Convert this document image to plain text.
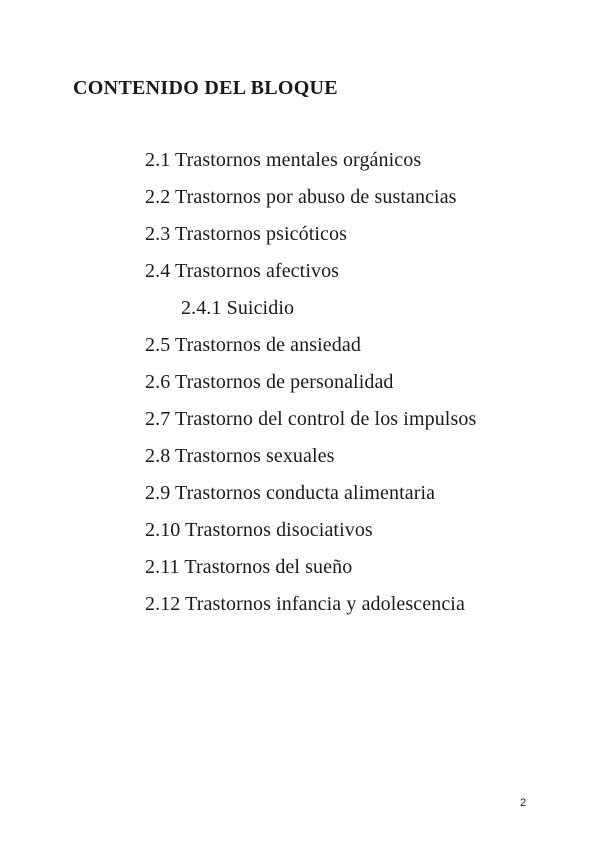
CONTENIDO DEL BLOQUE
2.1 Trastornos mentales orgánicos
2.2 Trastornos por abuso de sustancias
2.3 Trastornos psicóticos
2.4 Trastornos afectivos
2.4.1 Suicidio
2.5 Trastornos de ansiedad
2.6 Trastornos de personalidad
2.7 Trastorno del control de los impulsos
2.8 Trastornos sexuales
2.9 Trastornos conducta alimentaria
2.10 Trastornos disociativos
2.11 Trastornos del sueño
2.12 Trastornos infancia y adolescencia
2
